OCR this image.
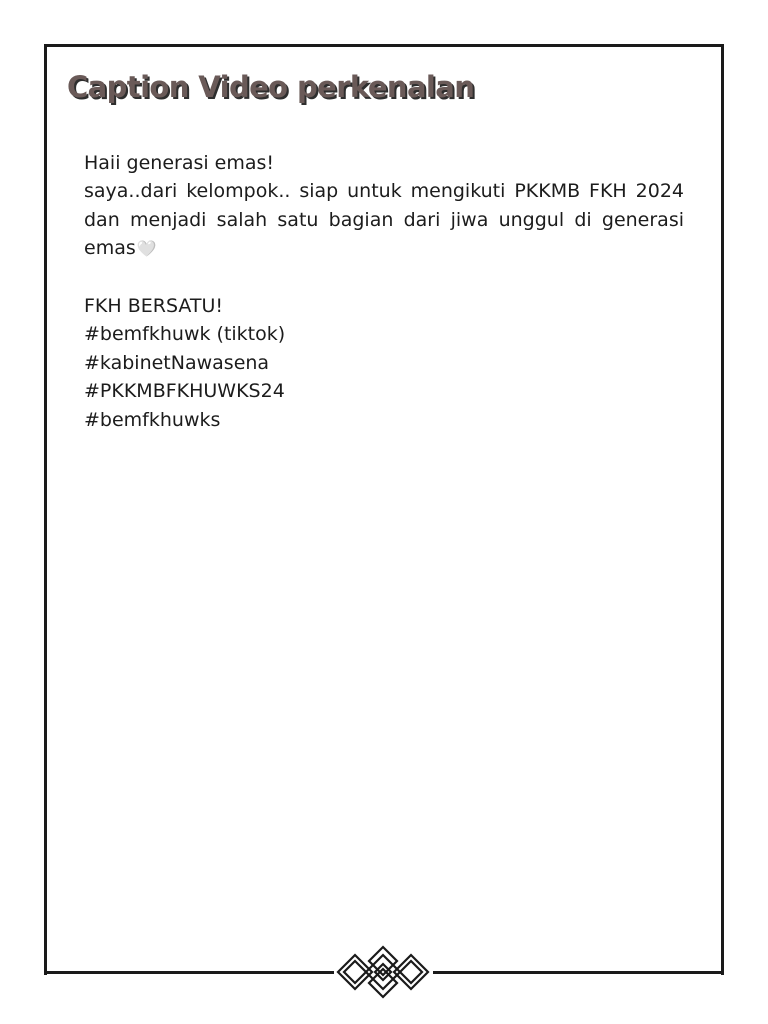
Caption Video perkenalan
Haii generasi emas!

saya..dari kelompok.. siap untuk mengikuti PKKMB FKH 2024 dan menjadi salah satu bagian dari jiwa unggul di generasi emas🤍

FKH BERSATU!
#bemfkhuwk (tiktok)
#kabinetNawasena
#PKKMBFKHUWKS24
#bemfkhuwks
